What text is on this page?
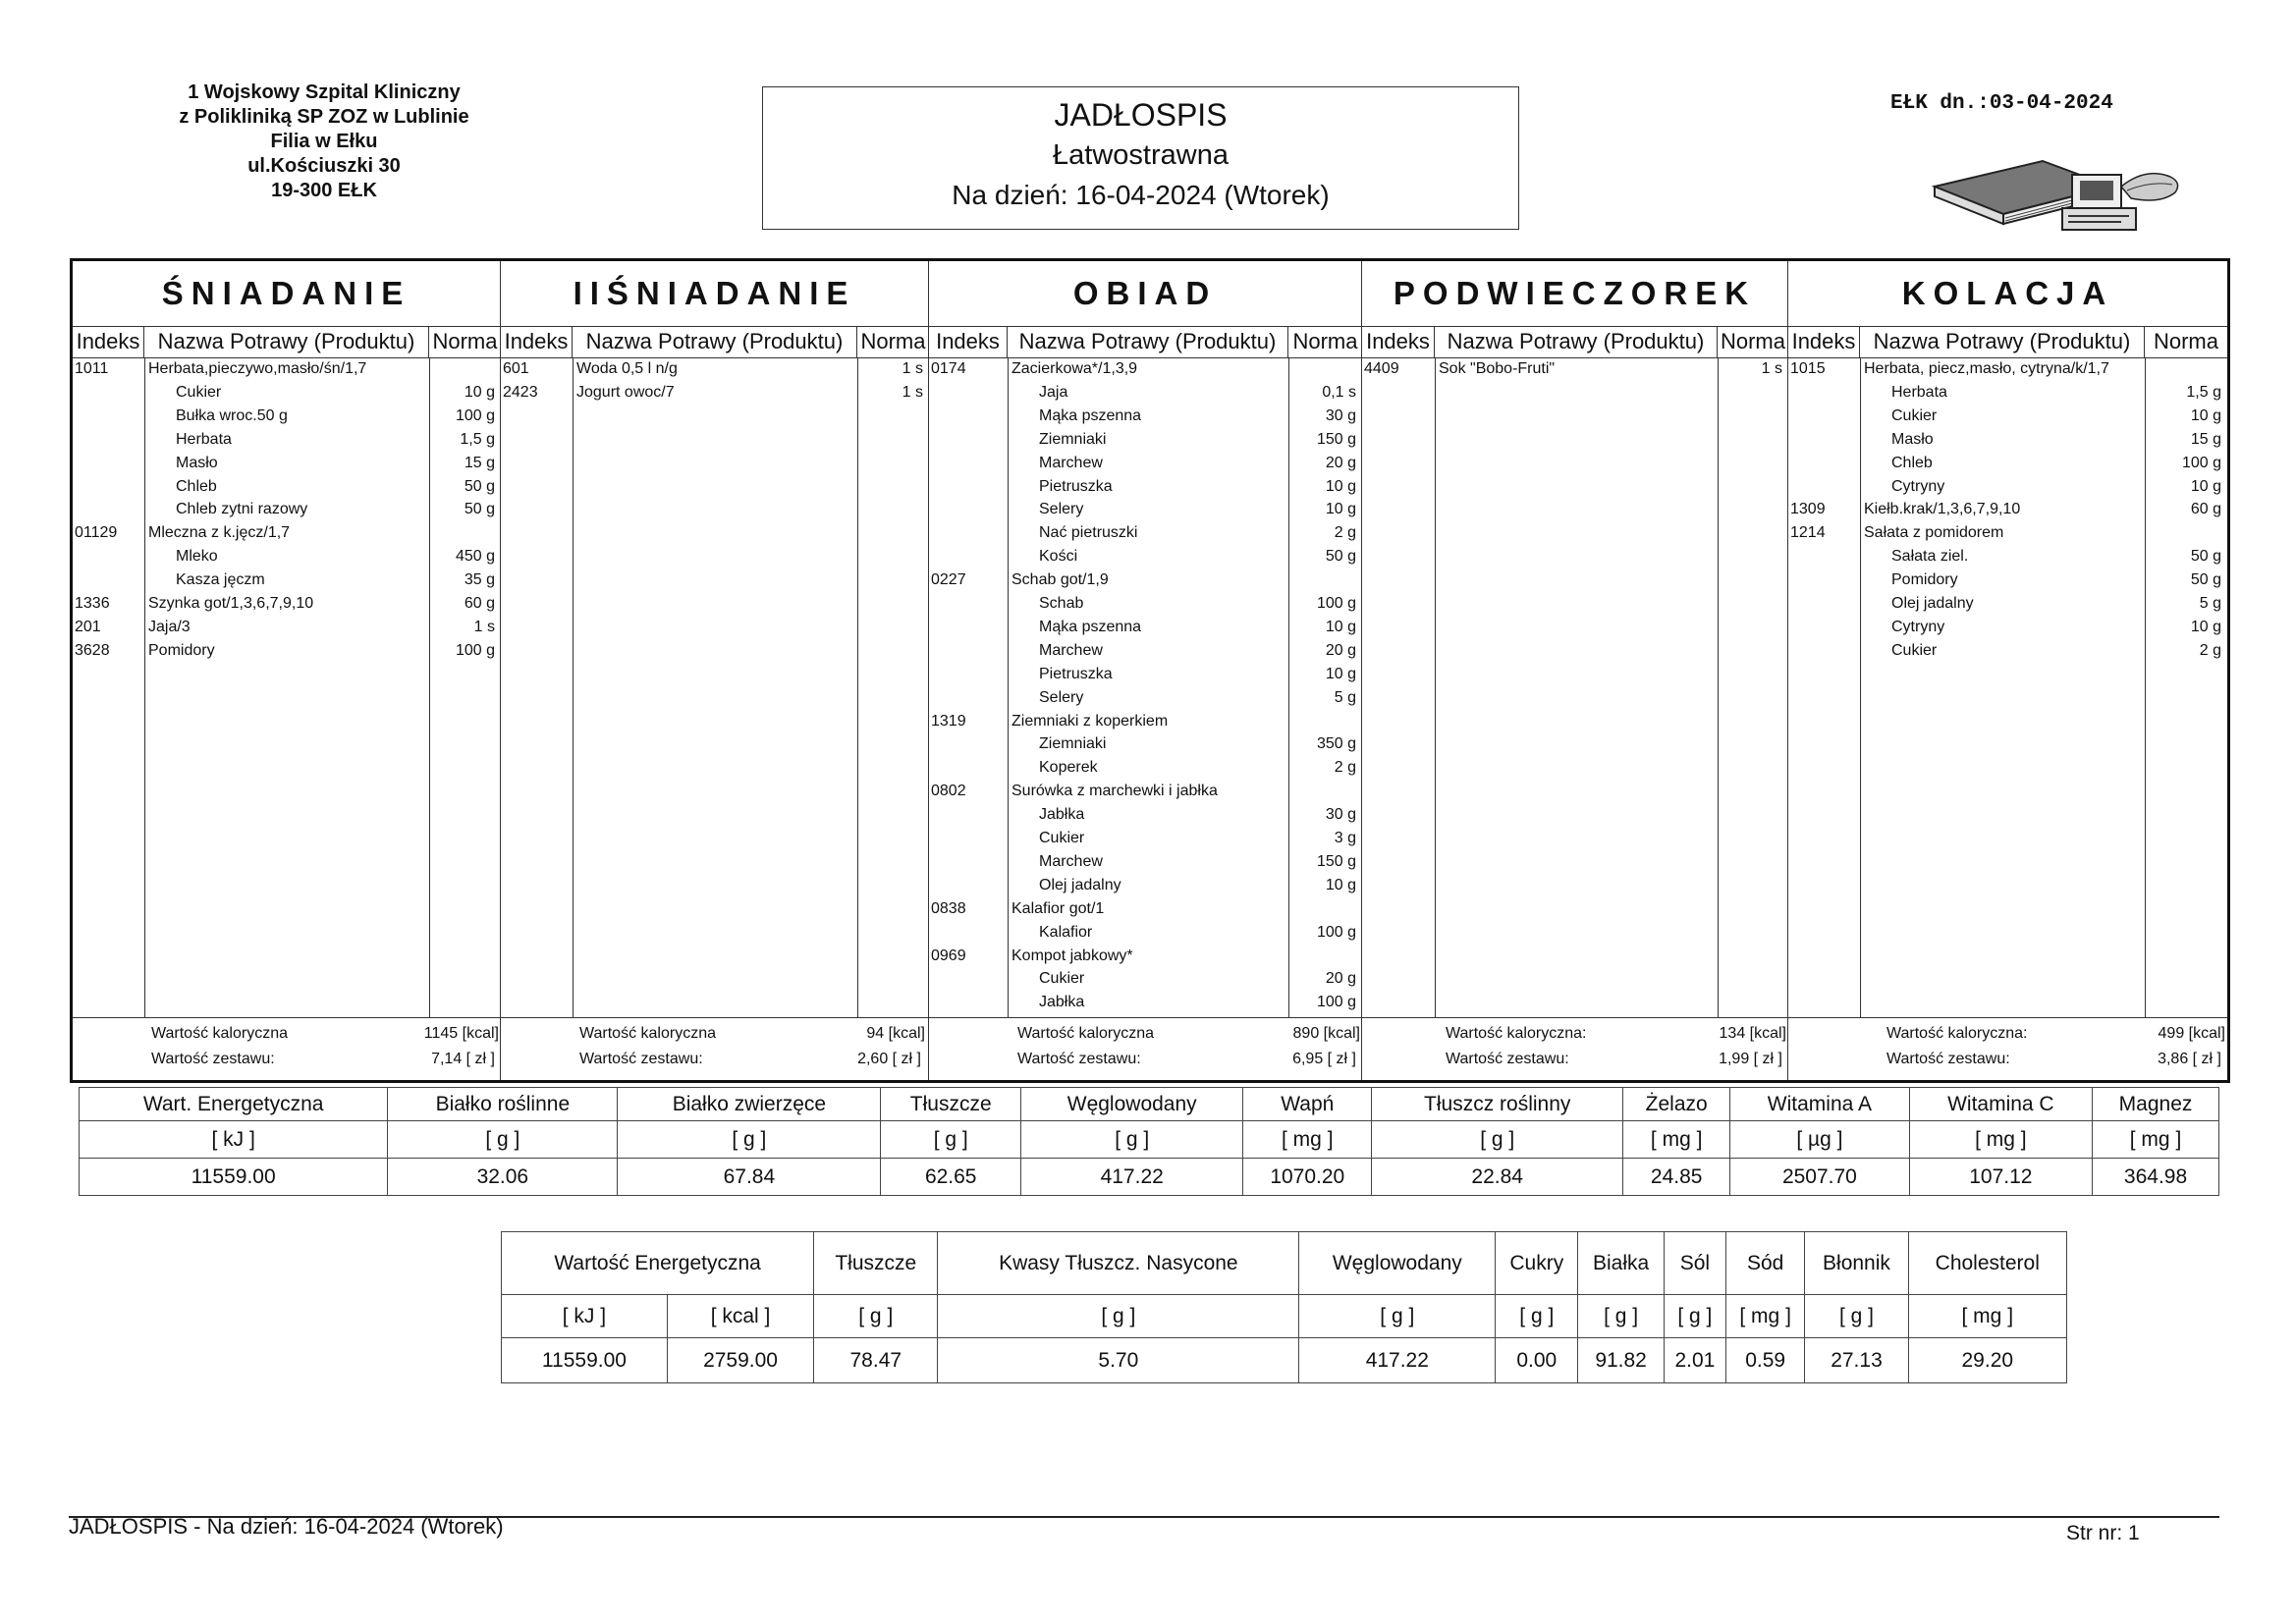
1 Wojskowy Szpital Kliniczny
z Polikliniką SP ZOZ w Lublinie
Filia w Ełku
ul.Kościuszki 30
19-300 EŁK
JADŁOSPIS
Łatwostrawna
Na dzień: 16-04-2024 (Wtorek)
EŁK dn.:03-04-2024
ŚNIADANIE
Indeks Nazwa Potrawy (Produktu) Norma
1011	Herbata,pieczywo,masło/śn/1,7
Cukier	10 g
Bułka wroc.50 g	100 g
Herbata	1,5 g
Masło	15 g
Chleb	50 g
Chleb zytni razowy	50 g
01129 Mleczna z k.jęcz/1,7
Mleko	450 g
Kasza jęczm	35 g
1336 Szynka got/1,3,6,7,9,10	60 g
201	Jaja/3	1 s
3628 Pomidory	100 g
Wartość kaloryczna	1145 [kcal]
Wartość zestawu:	7,14 [ zł ]
IIŚNIADANIE
Indeks Nazwa Potrawy (Produktu) Norma
601	Woda 0,5 l n/g	1 s
2423 Jogurt owoc/7	1 s
Wartość kaloryczna	94 [kcal]
Wartość zestawu:	2,60 [ zł ]
OBIAD
Indeks Nazwa Potrawy (Produktu) Norma
0174	Zacierkowa*/1,3,9
Jaja	0,1 s
Mąka pszenna	30 g
Ziemniaki	150 g
Marchew	20 g
Pietruszka	10 g
Selery	10 g
Nać pietruszki	2 g
Kości	50 g
0227	Schab got/1,9
Schab	100 g
Mąka pszenna	10 g
Marchew	20 g
Pietruszka	10 g
Selery	5 g
1319	Ziemniaki z koperkiem
Ziemniaki	350 g
Koperek	2 g
0802	Surówka z marchewki i jabłka
Jabłka	30 g
Cukier	3 g
Marchew	150 g
Olej jadalny	10 g
0838	Kalafior got/1
Kalafior	100 g
0969	Kompot jabkowy*
Cukier	20 g
Jabłka	100 g
Wartość kaloryczna	890 [kcal]
Wartość zestawu:	6,95 [ zł ]
PODWIECZOREK
Indeks Nazwa Potrawy (Produktu) Norma
4409	Sok "Bobo-Fruti"	1 s
Wartość kaloryczna:	134 [kcal]
Wartość zestawu:	1,99 [ zł ]
KOLACJA
Indeks Nazwa Potrawy (Produktu)	Norma
1015 Herbata, piecz,masło, cytryna/k/1,7
Herbata	1,5 g
Cukier	10 g
Masło	15 g
Chleb	100 g
Cytryny	10 g
1309 Kiełb.krak/1,3,6,7,9,10	60 g
1214 Sałata z pomidorem
Sałata ziel.	50 g
Pomidory	50 g
Olej jadalny	5 g
Cytryny	10 g
Cukier	2 g
Wartość kaloryczna:	499 [kcal]
Wartość zestawu:	3,86 [ zł ]
Wart. Energetyczna	Białko roślinne	Białko zwierzęce	Tłuszcze	Węglowodany	Wapń	Tłuszcz roślinny	Żelazo	Witamina A	Witamina C	Magnez
[ kJ ]	[ g ]	[ g ]	[ g ]	[ g ]	[ mg ]	[ g ]	[ mg ]	[ µg ]	[ mg ]	[ mg ]
11559.00	32.06	67.84	62.65	417.22	1070.20	22.84	24.85	2507.70	107.12	364.98
Wartość Energetyczna		Tłuszcze	Kwasy Tłuszcz. Nasycone	Węglowodany	Cukry	Białka	Sól	Sód	Błonnik	Cholesterol
[ kJ ]	[ kcal ]	[ g ]	[ g ]	[ g ]	[ g ]	[ g ]	[ g ]	[ mg ]	[ g ]	[ mg ]
11559.00	2759.00	78.47	5.70	417.22	0.00	91.82	2.01	0.59	27.13	29.20
JADŁOSPIS - Na dzień: 16-04-2024 (Wtorek)	Str nr: 1
